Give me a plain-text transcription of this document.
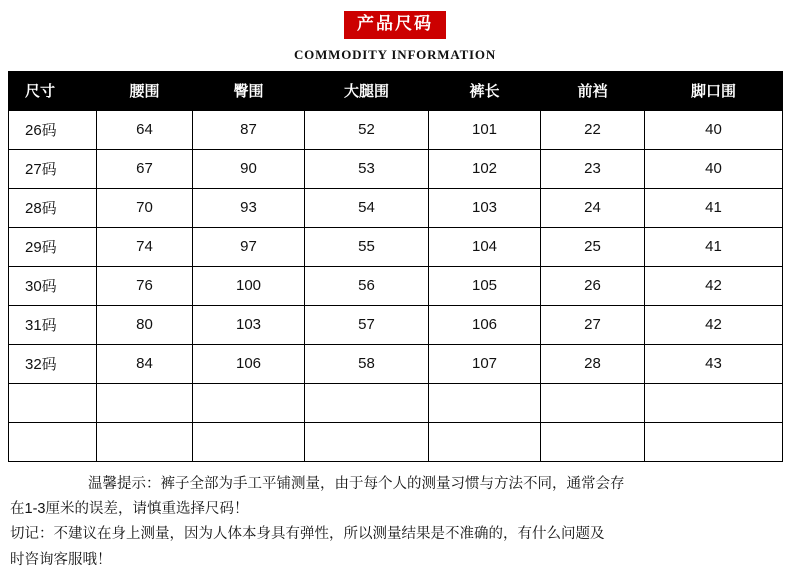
产品尺码
COMMODITY INFORMATION
尺寸	腰围	臀围	大腿围	裤长	前裆	脚口围
26码	64	87	52	101	22	40
27码	67	90	53	102	23	40
28码	70	93	54	103	24	41
29码	74	97	55	104	25	41
30码	76	100	56	105	26	42
31码	80	103	57	106	27	42
32码	84	106	58	107	28	43

温馨提示：裤子全部为手工平铺测量，由于每个人的测量习惯与方法不同，通常会存

在1-3厘米的误差，请慎重选择尺码！

切记：不建议在身上测量，因为人体本身具有弹性，所以测量结果是不准确的，有什么问题及

时咨询客服哦！
